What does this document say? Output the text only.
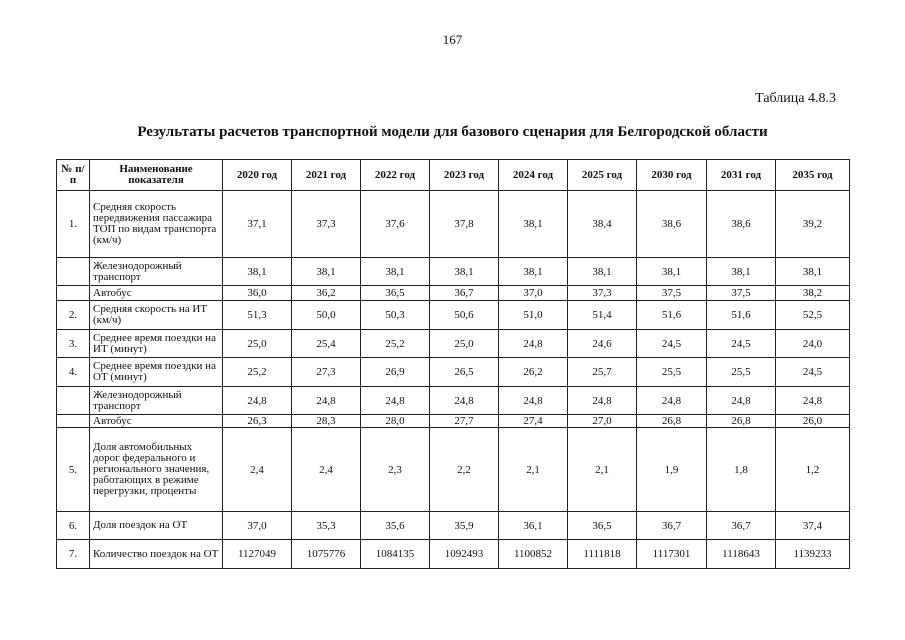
167
Таблица 4.8.3
Результаты расчетов транспортной модели для базового сценария для Белгородской области
№ п/п	Наименование показателя	2020 год	2021 год	2022 год	2023 год	2024 год	2025 год	2030 год	2031 год	2035 год
1.	Средняя скорость передвижения пассажира ТОП по видам транспорта (км/ч)	37,1	37,3	37,6	37,8	38,1	38,4	38,6	38,6	39,2
	Железнодорожный транспорт	38,1	38,1	38,1	38,1	38,1	38,1	38,1	38,1	38,1
	Автобус	36,0	36,2	36,5	36,7	37,0	37,3	37,5	37,5	38,2
2.	Средняя скорость на ИТ (км/ч)	51,3	50,0	50,3	50,6	51,0	51,4	51,6	51,6	52,5
3.	Среднее время поездки на ИТ (минут)	25,0	25,4	25,2	25,0	24,8	24,6	24,5	24,5	24,0
4.	Среднее время поездки на ОТ (минут)	25,2	27,3	26,9	26,5	26,2	25,7	25,5	25,5	24,5
	Железнодорожный транспорт	24,8	24,8	24,8	24,8	24,8	24,8	24,8	24,8	24,8
	Автобус	26,3	28,3	28,0	27,7	27,4	27,0	26,8	26,8	26,0
5.	Доля автомобильных дорог федерального и регионального значения, работающих в режиме перегрузки, проценты	2,4	2,4	2,3	2,2	2,1	2,1	1,9	1,8	1,2
6.	Доля поездок на ОТ	37,0	35,3	35,6	35,9	36,1	36,5	36,7	36,7	37,4
7.	Количество поездок на ОТ	1127049	1075776	1084135	1092493	1100852	1111818	1117301	1118643	1139233
